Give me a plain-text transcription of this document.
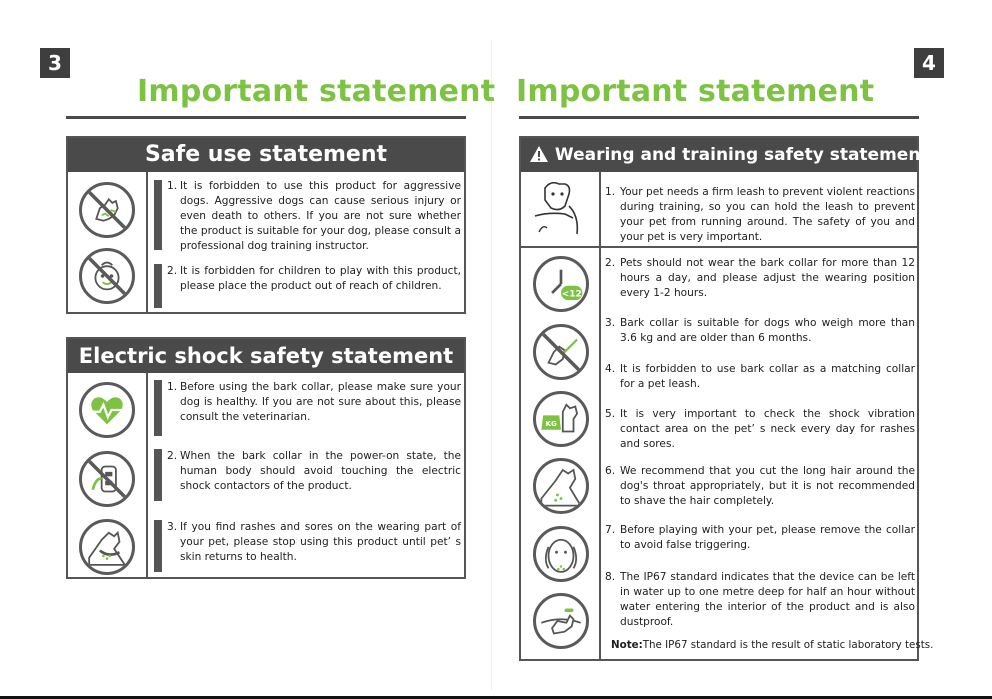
3
Important statement
Safe use statement
1. It is forbidden to use this product for aggressive dogs. Aggressive dogs can cause serious injury or even death to others. If you are not sure whether the product is suitable for your dog, please consult a professional dog training instructor.
2. It is forbidden for children to play with this product, please place the product out of reach of children.
Electric shock safety statement
1. Before using the bark collar, please make sure your dog is healthy. If you are not sure about this, please consult the veterinarian.
2. When the bark collar in the power-on state, the human body should avoid touching the electric shock contactors of the product.
3. If you find rashes and sores on the wearing part of your pet, please stop using this product until pet’ s skin returns to health.
4
Important statement
Wearing and training safety statement
<12
KG
1. Your pet needs a firm leash to prevent violent reactions during training, so you can hold the leash to prevent your pet from running around. The safety of you and your pet is very important.
2. Pets should not wear the bark collar for more than 12 hours a day, and please adjust the wearing position every 1-2 hours.
3. Bark collar is suitable for dogs who weigh more than 3.6 kg and are older than 6 months.
4. It is forbidden to use bark collar as a matching collar for a pet leash.
5. It is very important to check the shock vibration contact area on the pet’ s neck every day for rashes and sores.
6. We recommend that you cut the long hair around the dog's throat appropriately, but it is not recommended to shave the hair completely.
7. Before playing with your pet, please remove the collar to avoid false triggering.
8. The IP67 standard indicates that the device can be left in water up to one metre deep for half an hour without water entering the interior of the product and is also dustproof.
Note:The IP67 standard is the result of static laboratory tests.
